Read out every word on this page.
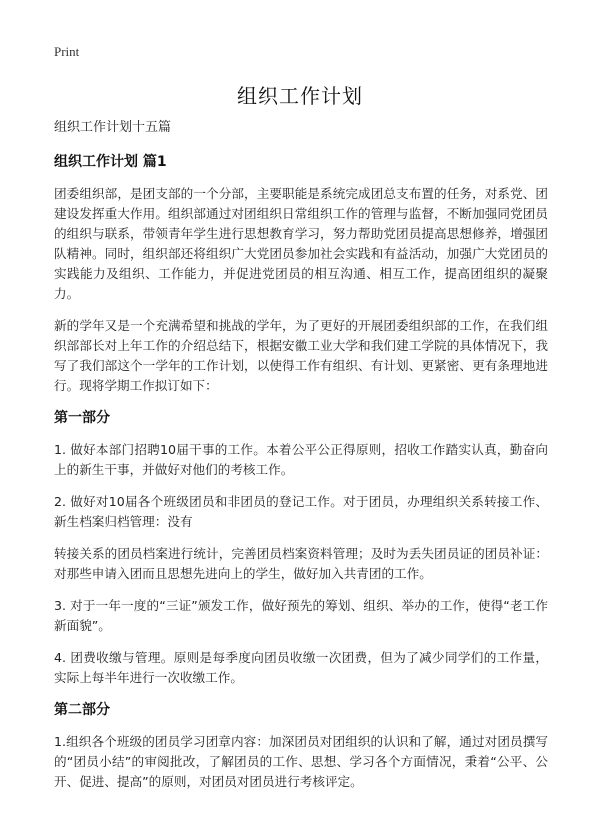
Print
组织工作计划

组织工作计划十五篇

组织工作计划 篇1

团委组织部，是团支部的一个分部，主要职能是系统完成团总支布置的任务，对系党、团建设发挥重大作用。组织部通过对团组织日常组织工作的管理与监督，不断加强同党团员的组织与联系，带领青年学生进行思想教育学习，努力帮助党团员提高思想修养，增强团队精神。同时，组织部还将组织广大党团员参加社会实践和有益活动，加强广大党团员的实践能力及组织、工作能力，并促进党团员的相互沟通、相互工作，提高团组织的凝聚力。

新的学年又是一个充满希望和挑战的学年，为了更好的开展团委组织部的工作，在我们组织部部长对上年工作的介绍总结下，根据安徽工业大学和我们建工学院的具体情况下，我写了我们部这个一学年的工作计划，以使得工作有组织、有计划、更紧密、更有条理地进行。现将学期工作拟订如下：

第一部分

1. 做好本部门招聘10届干事的工作。本着公平公正得原则，招收工作踏实认真，勤奋向上的新生干事，并做好对他们的考核工作。

2. 做好对10届各个班级团员和非团员的登记工作。对于团员，办理组织关系转接工作、新生档案归档管理：没有

转接关系的团员档案进行统计，完善团员档案资料管理；及时为丢失团员证的团员补证：对那些申请入团而且思想先进向上的学生，做好加入共青团的工作。

3. 对于一年一度的“三证”颁发工作，做好预先的筹划、组织、举办的工作，使得“老工作新面貌”。

4. 团费收缴与管理。原则是每季度向团员收缴一次团费，但为了减少同学们的工作量，实际上每半年进行一次收缴工作。

第二部分

1.组织各个班级的团员学习团章内容：加深团员对团组织的认识和了解，通过对团员撰写的“团员小结”的审阅批改，了解团员的工作、思想、学习各个方面情况，秉着“公平、公开、促进、提高”的原则，对团员对团员进行考核评定。
